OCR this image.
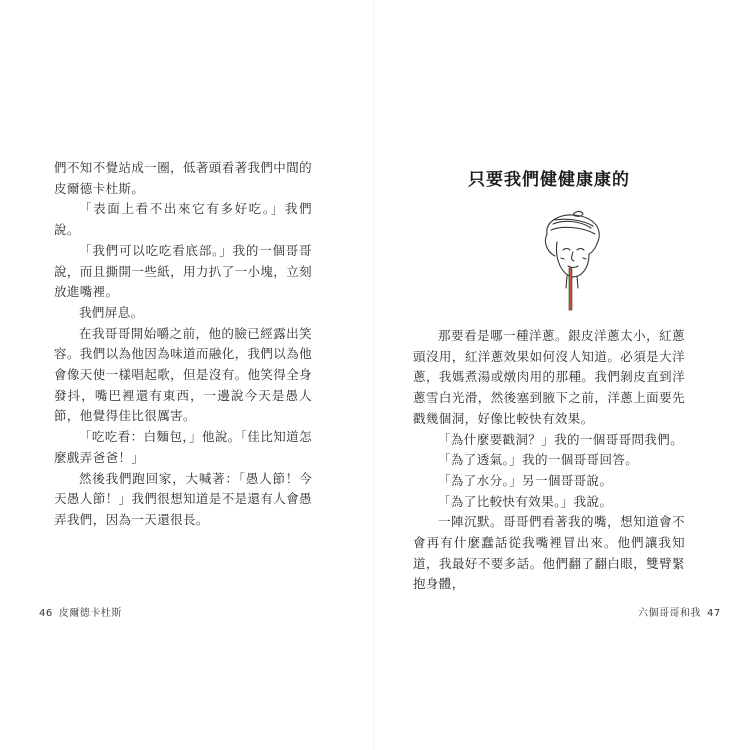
們不知不覺站成一圈，低著頭看著我們中間的皮爾德卡杜斯。

「表面上看不出來它有多好吃。」我們說。

「我們可以吃吃看底部。」我的一個哥哥說，而且撕開一些紙，用力扒了一小塊，立刻放進嘴裡。

我們屏息。

在我哥哥開始嚼之前，他的臉已經露出笑容。我們以為他因為味道而融化，我們以為他會像天使一樣唱起歌，但是沒有。他笑得全身發抖，嘴巴裡還有東西，一邊說今天是愚人節，他覺得佳比很厲害。

「吃吃看：白麵包，」他說。「佳比知道怎麼戲弄爸爸！」

然後我們跑回家，大喊著：「愚人節！今天愚人節！」我們很想知道是不是還有人會愚弄我們，因為一天還很長。

46 皮爾德卡杜斯
只要我們健健康康的

那要看是哪一種洋蔥。銀皮洋蔥太小，紅蔥頭沒用，紅洋蔥效果如何沒人知道。必須是大洋蔥，我媽煮湯或燉肉用的那種。我們剝皮直到洋蔥雪白光滑，然後塞到腋下之前，洋蔥上面要先戳幾個洞，好像比較快有效果。

「為什麼要戳洞？」我的一個哥哥問我們。

「為了透氣。」我的一個哥哥回答。

「為了水分。」另一個哥哥說。

「為了比較快有效果。」我說。

一陣沉默。哥哥們看著我的嘴，想知道會不會再有什麼蠢話從我嘴裡冒出來。他們讓我知道，我最好不要多話。他們翻了翻白眼，雙臂緊抱身體，

六個哥哥和我 47
